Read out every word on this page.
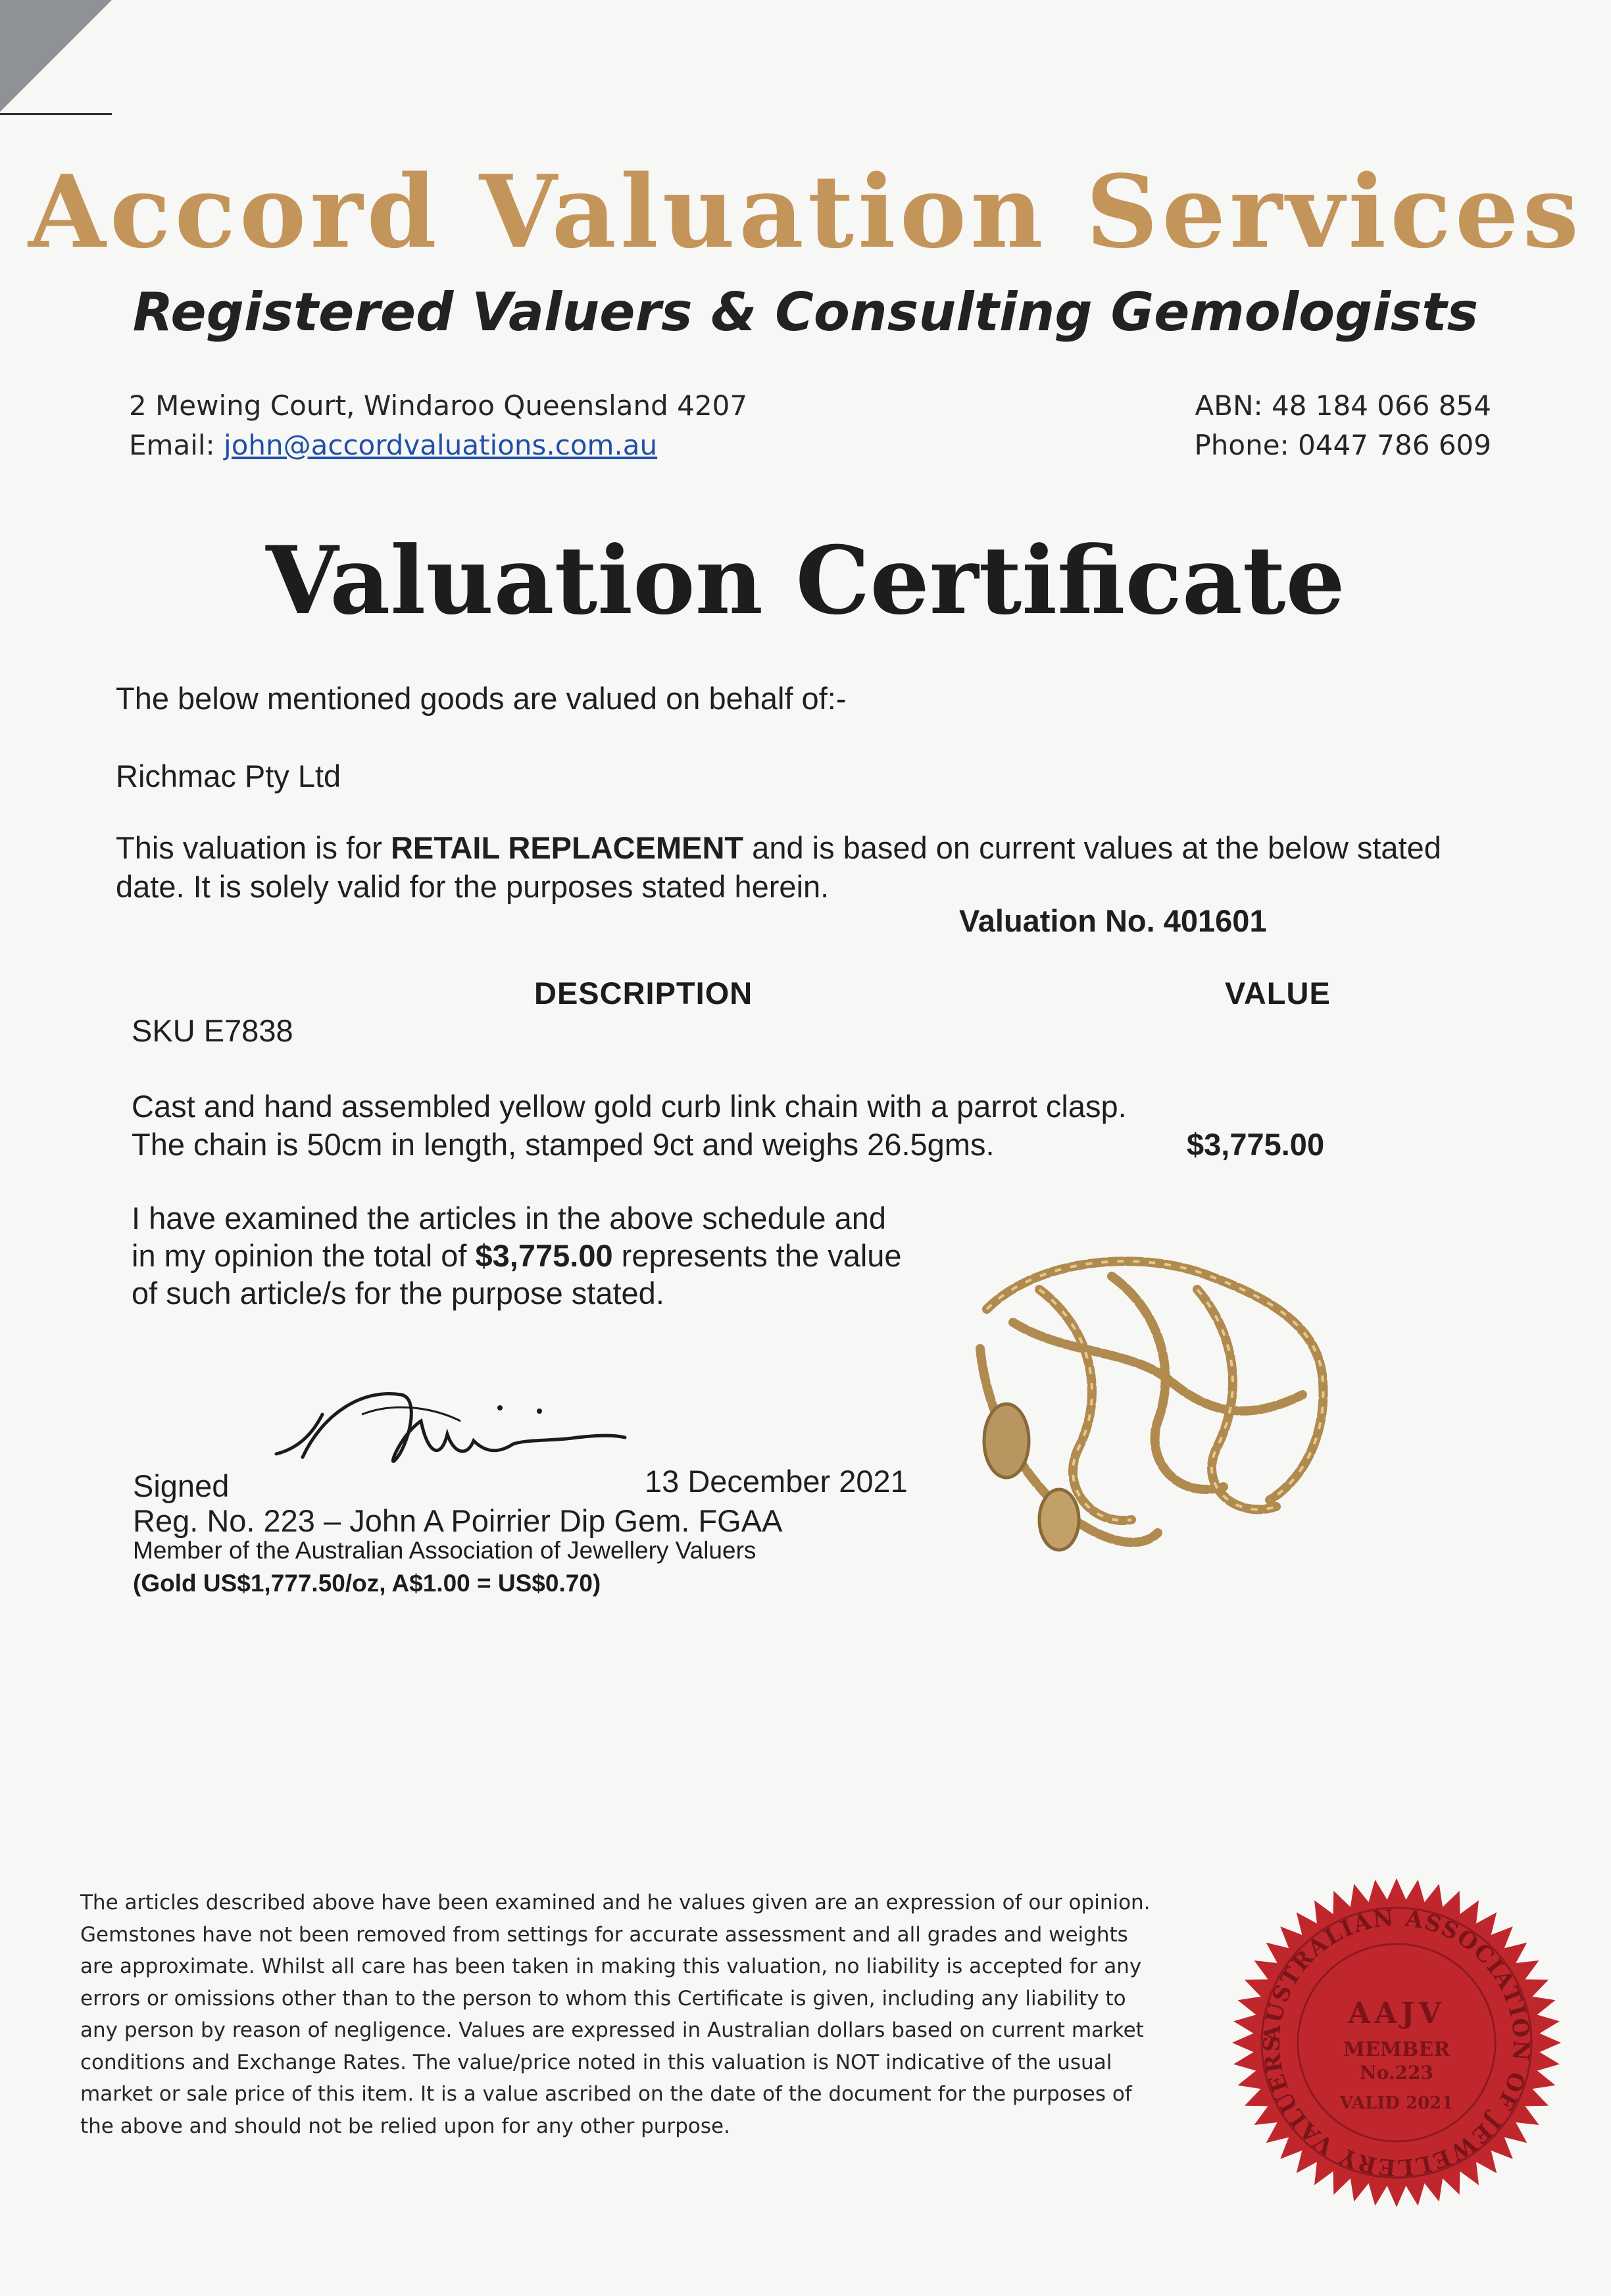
Accord Valuation Services
Registered Valuers & Consulting Gemologists
2 Mewing Court, Windaroo Queensland 4207
Email: john@accordvaluations.com.au
ABN: 48 184 066 854
Phone: 0447 786 609
Valuation Certificate
The below mentioned goods are valued on behalf of:-
Richmac Pty Ltd
This valuation is for RETAIL REPLACEMENT and is based on current values at the below stated
date. It is solely valid for the purposes stated herein.
Valuation No. 401601
DESCRIPTION	VALUE
SKU E7838
Cast and hand assembled yellow gold curb link chain with a parrot clasp.
The chain is 50cm in length, stamped 9ct and weighs 26.5gms.	$3,775.00
I have examined the articles in the above schedule and
in my opinion the total of $3,775.00 represents the value
of such article/s for the purpose stated.
Signed	13 December 2021
Reg. No. 223 – John A Poirrier Dip Gem. FGAA
Member of the Australian Association of Jewellery Valuers
(Gold US$1,777.50/oz, A$1.00 = US$0.70)
The articles described above have been examined and he values given are an expression of our opinion.
Gemstones have not been removed from settings for accurate assessment and all grades and weights
are approximate. Whilst all care has been taken in making this valuation, no liability is accepted for any
errors or omissions other than to the person to whom this Certificate is given, including any liability to
any person by reason of negligence. Values are expressed in Australian dollars based on current market
conditions and Exchange Rates. The value/price noted in this valuation is NOT indicative of the usual
market or sale price of this item. It is a value ascribed on the date of the document for the purposes of
the above and should not be relied upon for any other purpose.
AUSTRALIAN ASSOCIATION OF JEWELLERY VALUERS
AAJV
MEMBER
No.223
VALID 2021
